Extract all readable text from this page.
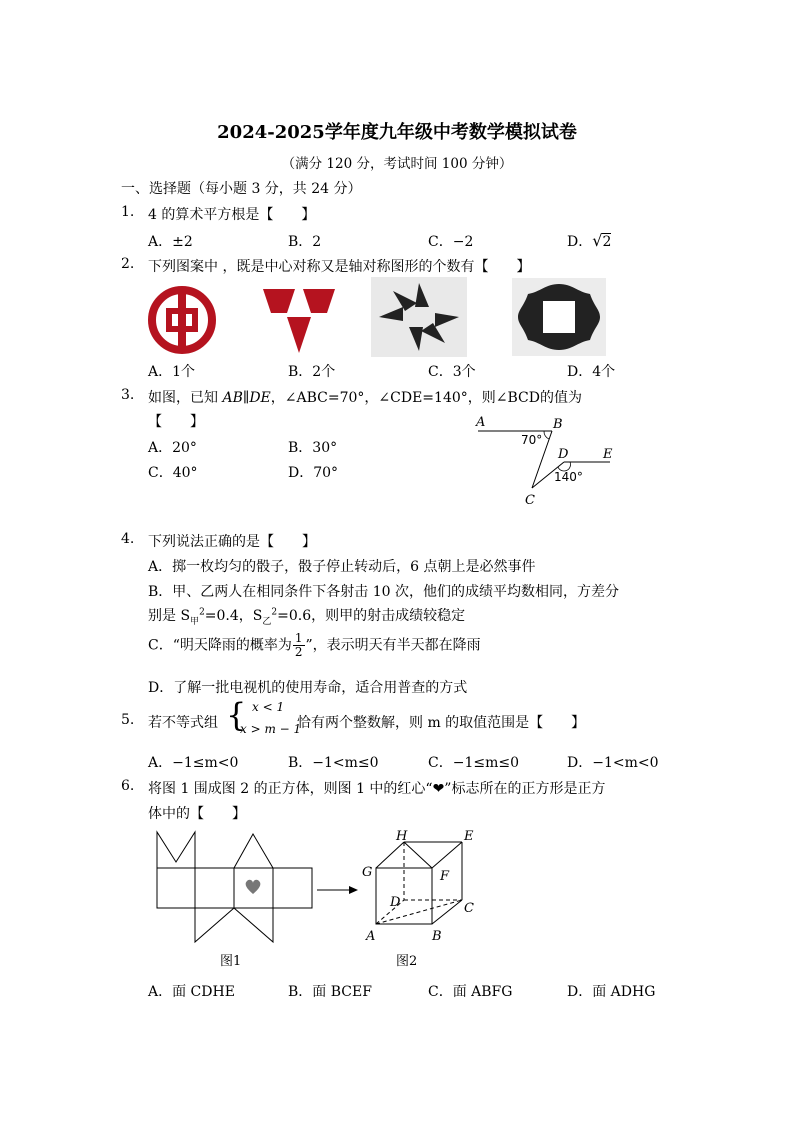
2024-2025学年度九年级中考数学模拟试卷
（满分 120 分，考试时间 100 分钟）
一、选择题（每小题 3 分，共 24 分）
1. 4 的算术平方根是【　　】
A．±2	B．2	C．−2	D．√2
2. 下列图案中 ，既是中心对称又是轴对称图形的个数有【　　】
A．1个	B．2个	C．3个	D．4个
3. 如图，已知 AB∥DE，∠ABC=70°，∠CDE=140°，则∠BCD的值为
【　　】
A．20°	B．30°
C．40°	D．70°
A	B
C
D	E
70°
140°
4. 下列说法正确的是【　　】
A．掷一枚均匀的骰子，骰子停止转动后，6 点朝上是必然事件
B．甲、乙两人在相同条件下各射击 10 次，他们的成绩平均数相同，方差分
别是 $S_甲^2=0.4$，$S_乙^2=0.6$，则甲的射击成绩较稳定
C．“明天降雨的概率为 $\frac{1}{2}$ ”，表示明天有半天都在降雨
D．了解一批电视机的使用寿命，适合用普查的方式
5. 若不等式组 { x < 1
x > m − 1
恰有两个整数解，则 m 的取值范围是【　　】
A．−1≤m<0	B．−1<m≤0	C．−1≤m≤0	D．−1<m<0
6. 将图 1 围成图 2 的正方体，则图 1 中的红心“❤”标志所在的正方形是正方
体中的【　　】
图1
H	E
G	F
D	C
A	B
图2
A．面 CDHE	B．面 BCEF	C．面 ABFG	D．面 ADHG
